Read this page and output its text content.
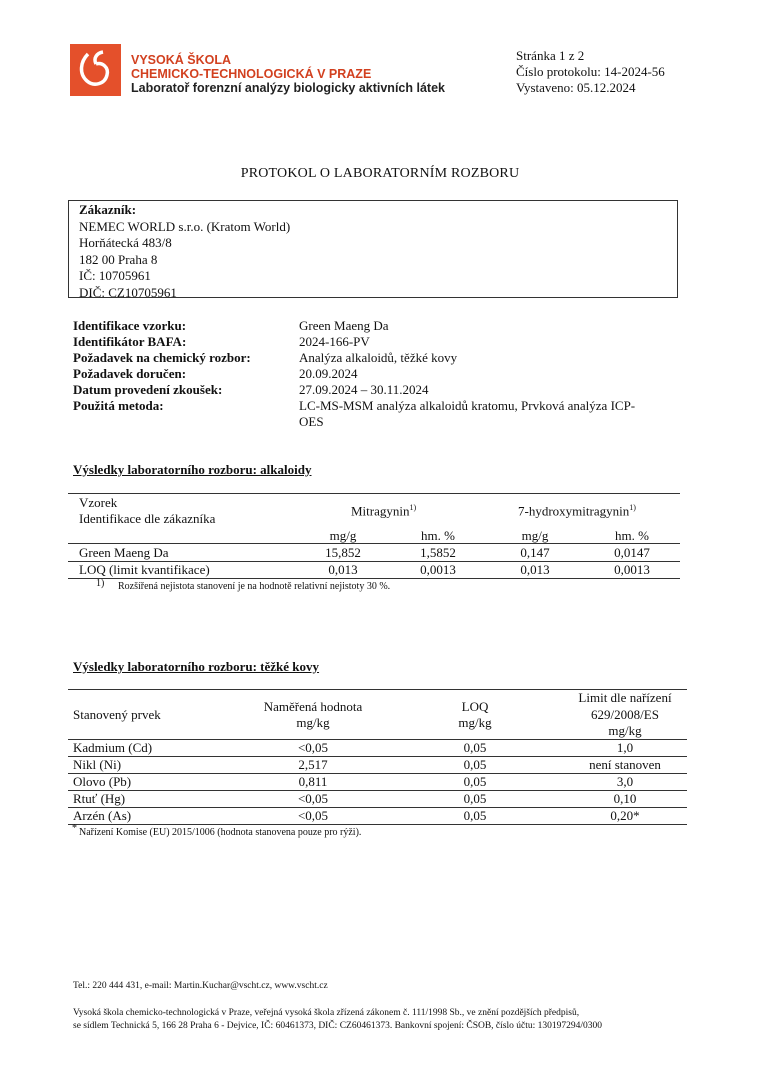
VYSOKÁ ŠKOLA
CHEMICKO-TECHNOLOGICKÁ V PRAZE
Laboratoř forenzní analýzy biologicky aktivních látek
Stránka 1 z 2
Číslo protokolu: 14-2024-56
Vystaveno: 05.12.2024
PROTOKOL O LABORATORNÍM ROZBORU
Zákazník:
NEMEC WORLD s.r.o. (Kratom World)
Horňátecká 483/8
182 00 Praha 8
IČ: 10705961
DIČ: CZ10705961
Identifikace vzorku:	Green Maeng Da
Identifikátor BAFA:	2024-166-PV
Požadavek na chemický rozbor:	Analýza alkaloidů, těžké kovy
Požadavek doručen:	20.09.2024
Datum provedení zkoušek:	27.09.2024 – 30.11.2024
Použitá metoda:	LC-MS-MSM analýza alkaloidů kratomu, Prvková analýza ICP-OES
Výsledky laboratorního rozboru: alkaloidy
Vzorek
Identifikace dle zákazníka
Mitragynin$^{1)}$	7-hydroxymitragynin$^{1)}$
mg/g	hm. %	mg/g	hm. %
Green Maeng Da	15,852	1,5852	0,147	0,0147
LOQ (limit kvantifikace)	0,013	0,0013	0,013	0,0013
1) Rozšířená nejistota stanovení je na hodnotě relativní nejistoty 30 %.
Výsledky laboratorního rozboru: těžké kovy
Stanovený prvek
Naměřená hodnota
mg/kg
LOQ
mg/kg
Limit dle nařízení
629/2008/ES
mg/kg
Kadmium (Cd)	<0,05	0,05	1,0
Nikl (Ni)	2,517	0,05	není stanoven
Olovo (Pb)	0,811	0,05	3,0
Rtuť (Hg)	<0,05	0,05	0,10
Arzén (As)	<0,05	0,05	0,20*
* Nařízení Komise (EU) 2015/1006 (hodnota stanovena pouze pro rýži).
Tel.: 220 444 431, e-mail: Martin.Kuchar@vscht.cz, www.vscht.cz
Vysoká škola chemicko-technologická v Praze, veřejná vysoká škola zřízená zákonem č. 111/1998 Sb., ve znění pozdějších předpisů,
se sídlem Technická 5, 166 28 Praha 6 - Dejvice, IČ: 60461373, DIČ: CZ60461373. Bankovní spojení: ČSOB, číslo účtu: 130197294/0300
